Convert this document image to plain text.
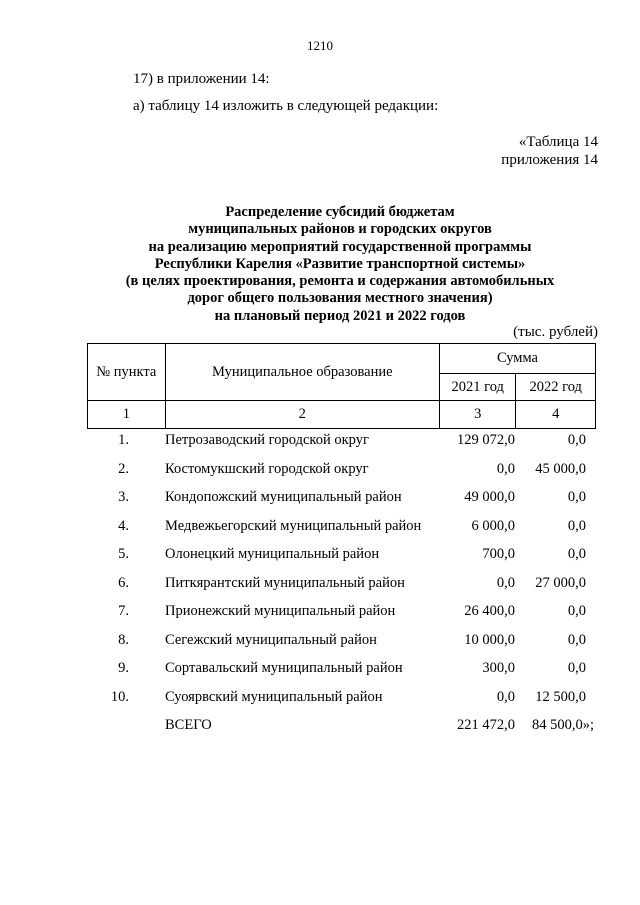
1210
17) в приложении 14:
а) таблицу 14 изложить в следующей редакции:
«Таблица 14
приложения 14
Распределение субсидий бюджетам
муниципальных районов и городских округов
на реализацию мероприятий государственной программы
Республики Карелия «Развитие транспортной системы»
(в целях проектирования, ремонта и содержания автомобильных
дорог общего пользования местного значения)
на плановый период 2021 и 2022 годов
(тыс. рублей)
№ пункта	Муниципальное образование	Сумма	
		2021 год	2022 год
1	2	3	4
1. Петрозаводский городской округ	129 072,0	0,0
2. Костомукшский городской округ	0,0	45 000,0
3. Кондопожский муниципальный район	49 000,0	0,0
4. Медвежьегорский муниципальный район	6 000,0	0,0
5. Олонецкий муниципальный район	700,0	0,0
6. Питкярантский муниципальный район	0,0	27 000,0
7. Прионежский муниципальный район	26 400,0	0,0
8. Сегежский муниципальный район	10 000,0	0,0
9. Сортавальский муниципальный район	300,0	0,0
10. Суоярвский муниципальный район	0,0	12 500,0
ВСЕГО	221 472,0	84 500,0»;
